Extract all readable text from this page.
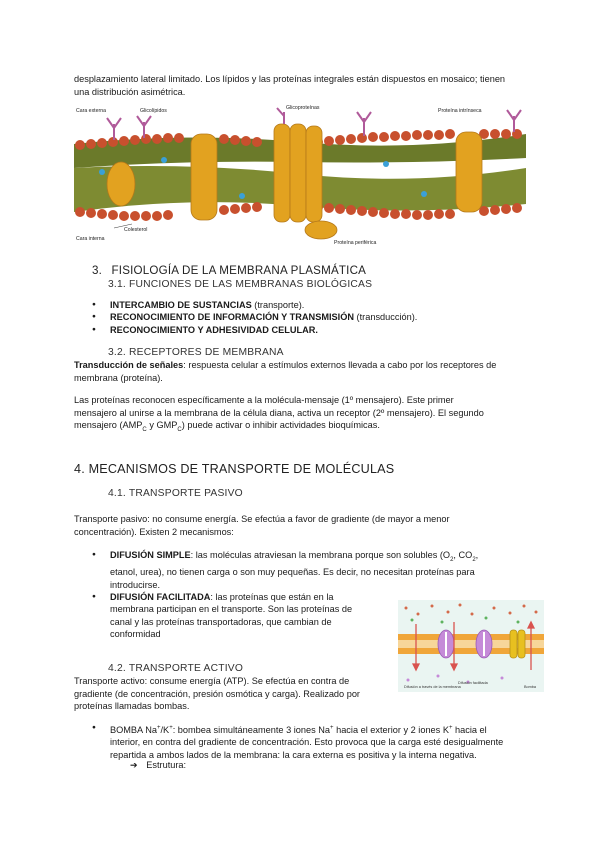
desplazamiento lateral limitado. Los lípidos y las proteínas integrales están dispuestos en mosaico; tienen
una distribución asimétrica.
Cara externa	Glicolípidos	Glicoproteínas	Proteína intrínseca
Cara interna
Colesterol
Proteína periférica
3. FISIOLOGÍA DE LA MEMBRANA PLASMÁTICA
3.1. FUNCIONES DE LAS MEMBRANAS BIOLÓGICAS
● INTERCAMBIO DE SUSTANCIAS (transporte).
● RECONOCIMIENTO DE INFORMACIÓN Y TRANSMISIÓN (transducción).
● RECONOCIMIENTO Y ADHESIVIDAD CELULAR.
3.2. RECEPTORES DE MEMBRANA
Transducción de señales: respuesta celular a estímulos externos llevada a cabo por los receptores de
membrana (proteína).
Las proteínas reconocen específicamente a la molécula-mensaje (1º mensajero). Este primer
mensajero al unirse a la membrana de la célula diana, activa un receptor (2º mensajero). El segundo
mensajero ($AMP_C$ y $GMP_C$) puede activar o inhibir actividades bioquímicas.
4. MECANISMOS DE TRANSPORTE DE MOLÉCULAS
4.1. TRANSPORTE PASIVO
Transporte pasivo: no consume energía. Se efectúa a favor de gradiente (de mayor a menor
concentración). Existen 2 mecanismos:
● DIFUSIÓN SIMPLE: las moléculas atraviesan la membrana porque son solubles ($O_2$, $CO_2$,
etanol, urea), no tienen carga o son muy pequeñas. Es decir, no necesitan proteínas para
introducirse.
● DIFUSIÓN FACILITADA: las proteínas que están en la
membrana participan en el transporte. Son las proteínas de
canal y las proteínas transportadoras, que cambian de
conformidad
Difusión a través de la membrana
Difusión facilitada
Bomba
4.2. TRANSPORTE ACTIVO
Transporte activo: consume energía (ATP). Se efectúa en contra de
gradiente (de concentración, presión osmótica y carga). Realizado por
proteínas llamadas bombas.
● BOMBA Na+/K+: bombea simultáneamente 3 iones Na+ hacia el exterior y 2 iones K+ hacia el
interior, en contra del gradiente de concentración. Esto provoca que la carga esté desigualmente
repartida a ambos lados de la membrana: la cara externa es positiva y la interna negativa.
➔ Estrutura:
